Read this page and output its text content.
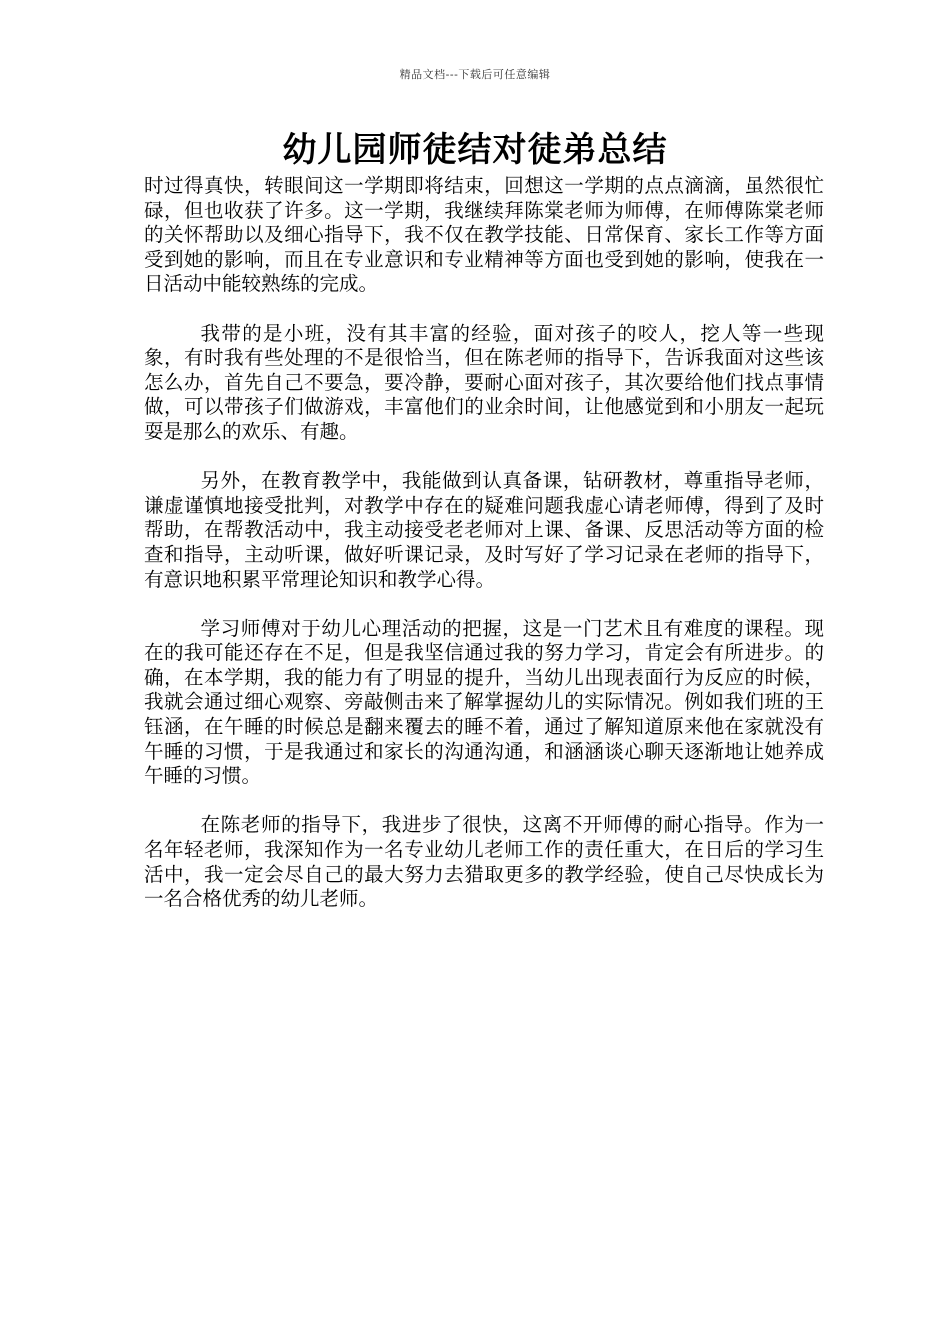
精品文档---下载后可任意编辑
幼儿园师徒结对徒弟总结

时过得真快，转眼间这一学期即将结束，回想这一学期的点点滴滴，虽然很忙碌，但也收获了许多。这一学期，我继续拜陈棠老师为师傅，在师傅陈棠老师的关怀帮助以及细心指导下，我不仅在教学技能、日常保育、家长工作等方面受到她的影响，而且在专业意识和专业精神等方面也受到她的影响，使我在一日活动中能较熟练的完成。

我带的是小班，没有其丰富的经验，面对孩子的咬人，挖人等一些现象，有时我有些处理的不是很恰当，但在陈老师的指导下，告诉我面对这些该怎么办，首先自己不要急，要冷静，要耐心面对孩子，其次要给他们找点事情做，可以带孩子们做游戏，丰富他们的业余时间，让他感觉到和小朋友一起玩耍是那么的欢乐、有趣。

另外，在教育教学中，我能做到认真备课，钻研教材，尊重指导老师，谦虚谨慎地接受批判，对教学中存在的疑难问题我虚心请老师傅，得到了及时帮助，在帮教活动中，我主动接受老老师对上课、备课、反思活动等方面的检查和指导，主动听课，做好听课记录，及时写好了学习记录在老师的指导下，有意识地积累平常理论知识和教学心得。

学习师傅对于幼儿心理活动的把握，这是一门艺术且有难度的课程。现在的我可能还存在不足，但是我坚信通过我的努力学习，肯定会有所进步。的确，在本学期，我的能力有了明显的提升，当幼儿出现表面行为反应的时候，我就会通过细心观察、旁敲侧击来了解掌握幼儿的实际情况。例如我们班的王钰涵，在午睡的时候总是翻来覆去的睡不着，通过了解知道原来他在家就没有午睡的习惯，于是我通过和家长的沟通沟通，和涵涵谈心聊天逐渐地让她养成午睡的习惯。

在陈老师的指导下，我进步了很快，这离不开师傅的耐心指导。作为一名年轻老师，我深知作为一名专业幼儿老师工作的责任重大，在日后的学习生活中，我一定会尽自己的最大努力去猎取更多的教学经验，使自己尽快成长为一名合格优秀的幼儿老师。
